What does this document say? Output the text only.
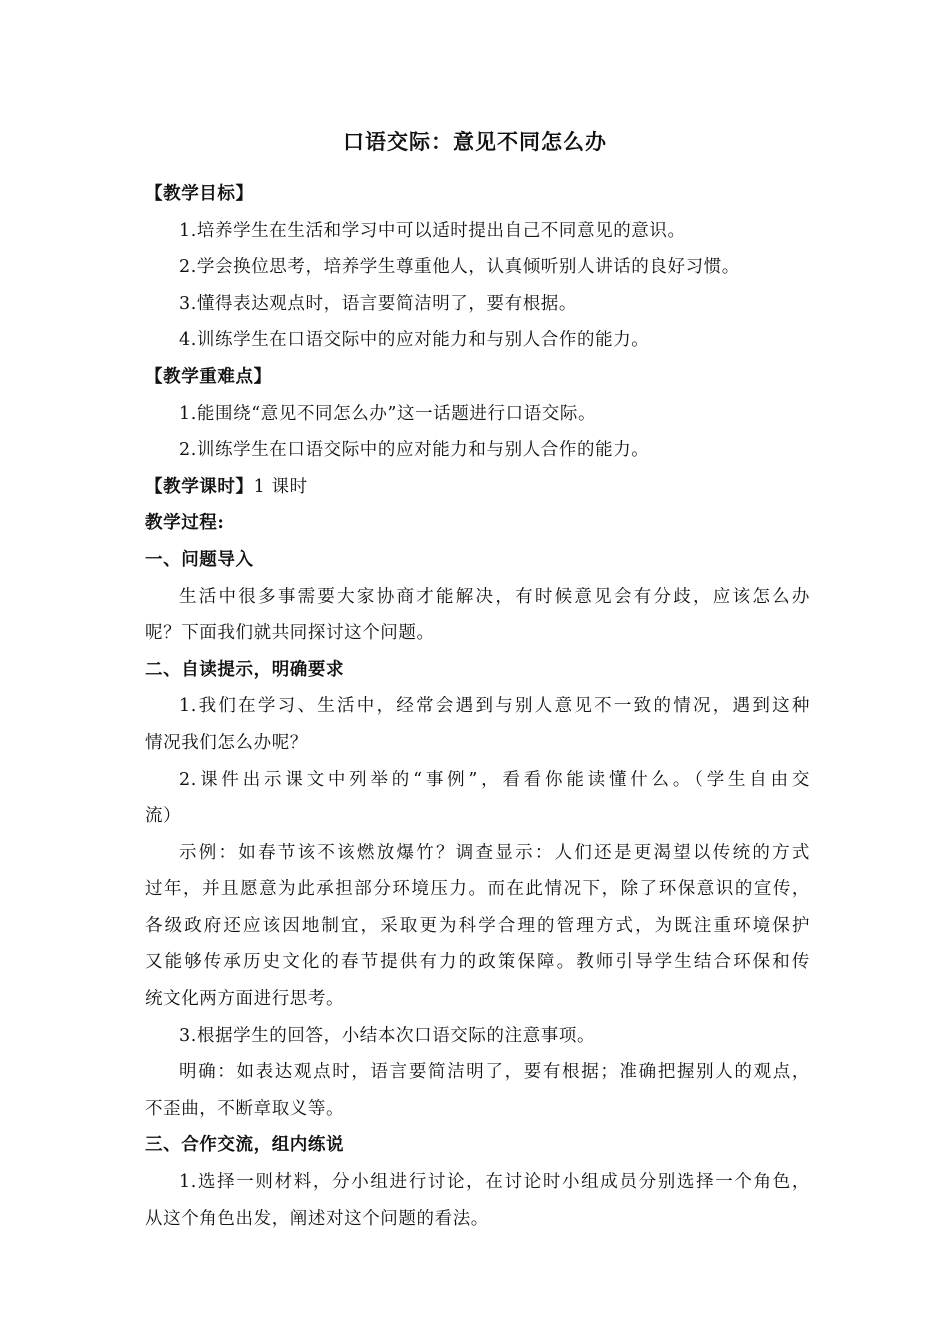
口语交际：意见不同怎么办
【教学目标】
1.培养学生在生活和学习中可以适时提出自己不同意见的意识。
2.学会换位思考，培养学生尊重他人，认真倾听别人讲话的良好习惯。
3.懂得表达观点时，语言要简洁明了，要有根据。
4.训练学生在口语交际中的应对能力和与别人合作的能力。
【教学重难点】
1.能围绕“意见不同怎么办”这一话题进行口语交际。
2.训练学生在口语交际中的应对能力和与别人合作的能力。
【教学课时】1 课时
教学过程:
一、问题导入
生活中很多事需要大家协商才能解决，有时候意见会有分歧，应该怎么办
呢？下面我们就共同探讨这个问题。
二、自读提示，明确要求
1.我们在学习、生活中，经常会遇到与别人意见不一致的情况，遇到这种
情况我们怎么办呢？
2.课件出示课文中列举的“事例”，看看你能读懂什么。（学生自由交
流）
示例：如春节该不该燃放爆竹？调查显示：人们还是更渴望以传统的方式
过年，并且愿意为此承担部分环境压力。而在此情况下，除了环保意识的宣传，
各级政府还应该因地制宜，采取更为科学合理的管理方式，为既注重环境保护
又能够传承历史文化的春节提供有力的政策保障。教师引导学生结合环保和传
统文化两方面进行思考。
3.根据学生的回答，小结本次口语交际的注意事项。
明确：如表达观点时，语言要简洁明了，要有根据；准确把握别人的观点，
不歪曲，不断章取义等。
三、合作交流，组内练说
1.选择一则材料，分小组进行讨论，在讨论时小组成员分别选择一个角色，
从这个角色出发，阐述对这个问题的看法。
